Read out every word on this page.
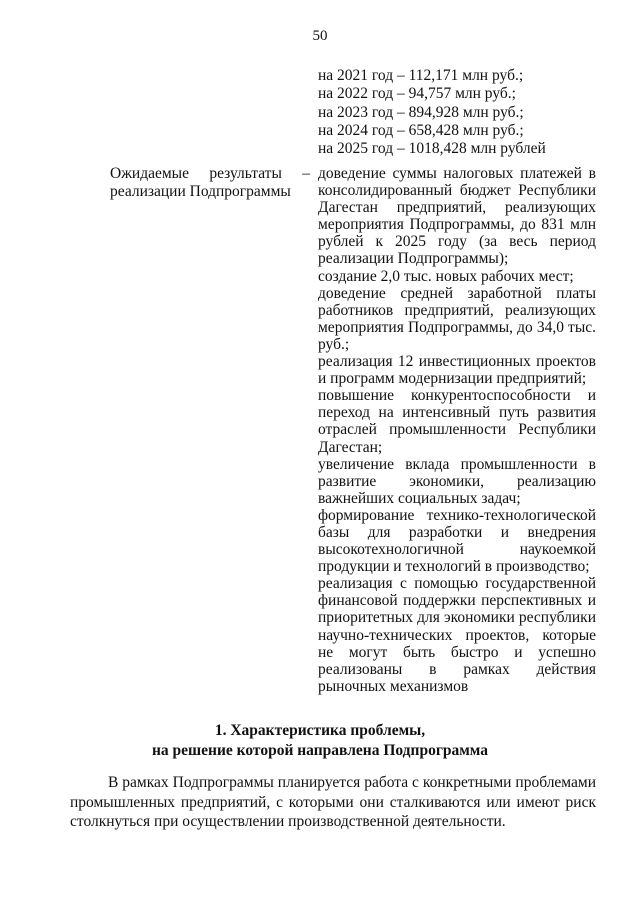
50
на 2021 год – 112,171 млн руб.;
на 2022 год – 94,757 млн руб.;
на 2023 год – 894,928 млн руб.;
на 2024 год – 658,428 млн руб.;
на 2025 год – 1018,428 млн рублей
Ожидаемые результаты –
реализации Подпрограммы
доведение суммы налоговых платежей в консолидированный бюджет Республики Дагестан предприятий, реализующих мероприятия Подпрограммы, до 831 млн рублей к 2025 году (за весь период реализации Подпрограммы);
создание 2,0 тыс. новых рабочих мест;
доведение средней заработной платы работников предприятий, реализующих мероприятия Подпрограммы, до 34,0 тыс. руб.;
реализация 12 инвестиционных проектов и программ модернизации предприятий;
повышение конкурентоспособности и переход на интенсивный путь развития отраслей промышленности Республики Дагестан;
увеличение вклада промышленности в развитие экономики, реализацию важнейших социальных задач;
формирование технико-технологической базы для разработки и внедрения высокотехнологичной наукоемкой продукции и технологий в производство;
реализация с помощью государственной финансовой поддержки перспективных и приоритетных для экономики республики научно-технических проектов, которые не могут быть быстро и успешно реализованы в рамках действия рыночных механизмов
1. Характеристика проблемы,
на решение которой направлена Подпрограмма
В рамках Подпрограммы планируется работа с конкретными проблемами промышленных предприятий, с которыми они сталкиваются или имеют риск столкнуться при осуществлении производственной деятельности.
